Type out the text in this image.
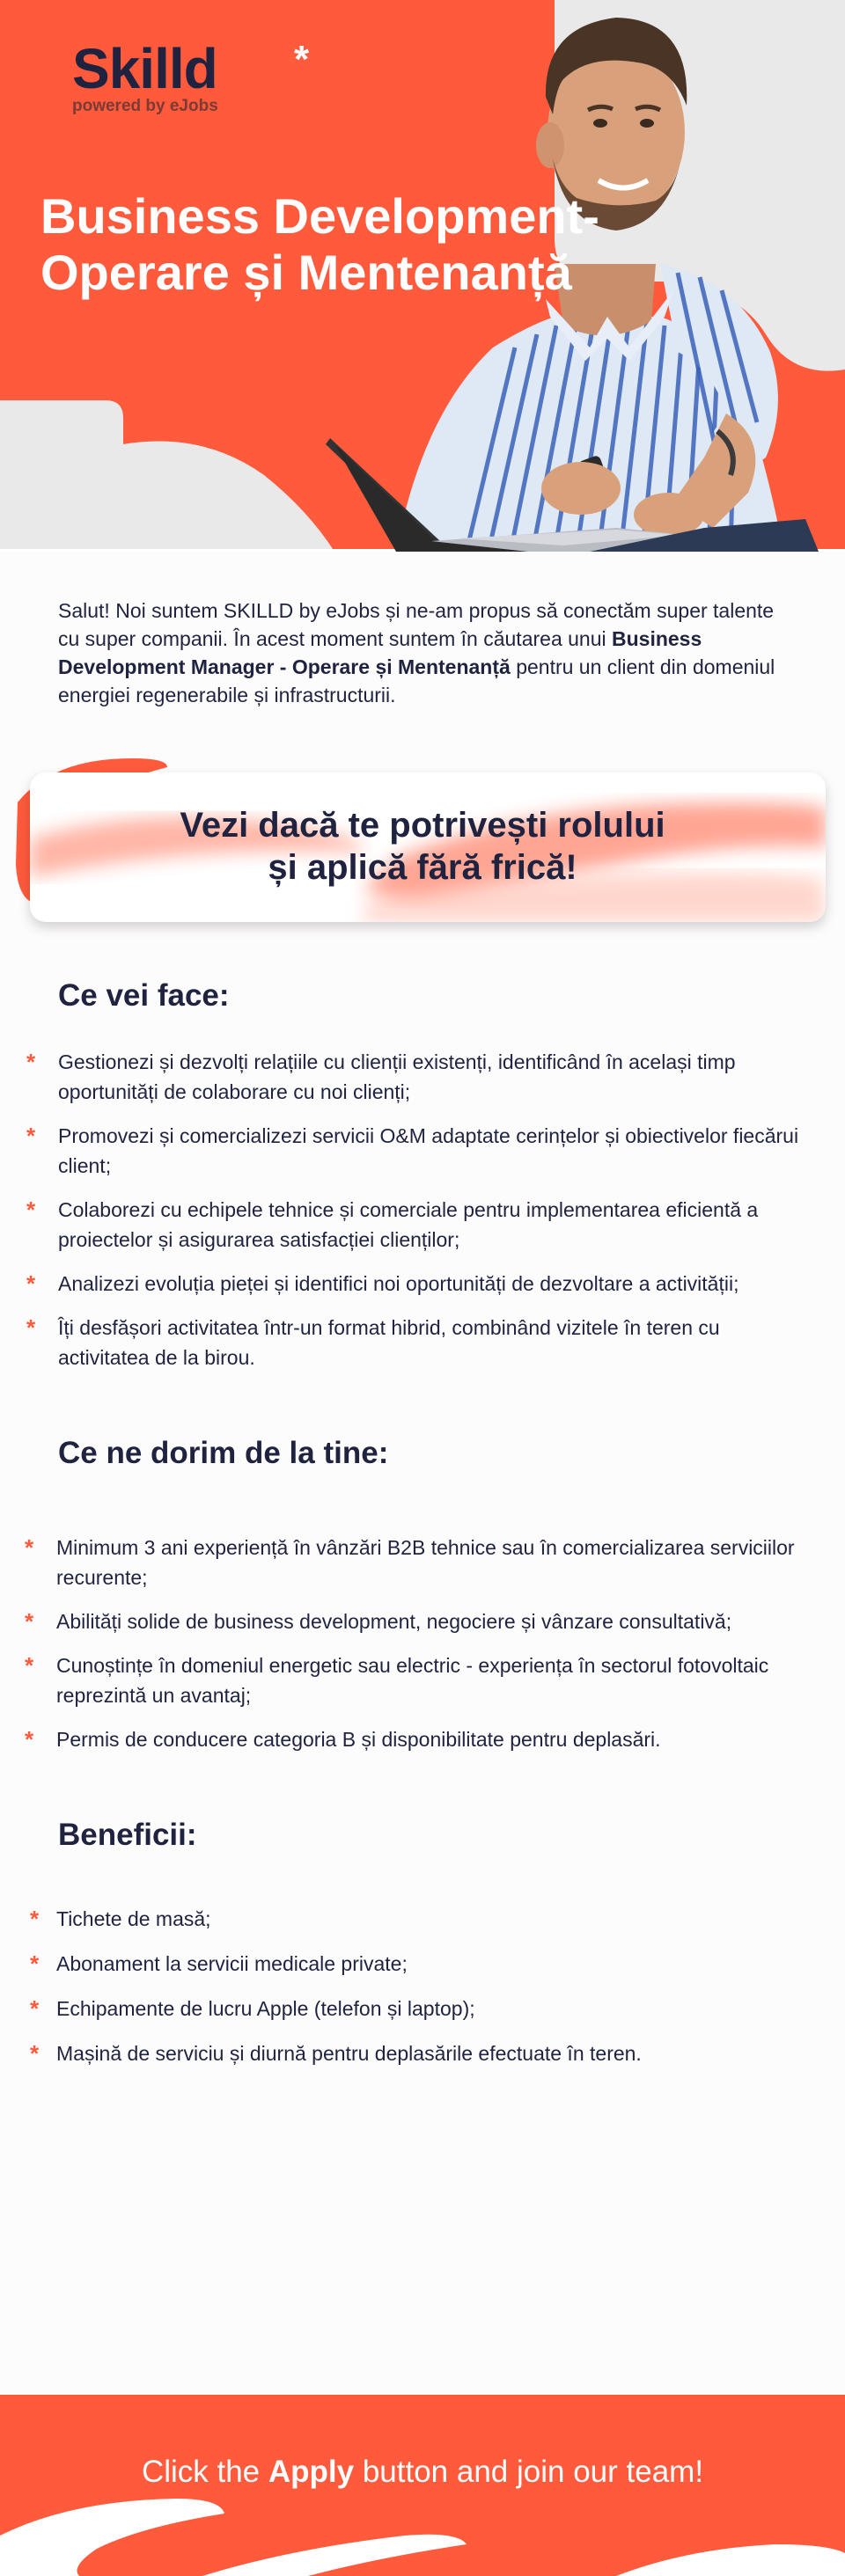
Skilld *
powered by eJobs
Business Development- Operare și Mentenanță
Salut! Noi suntem SKILLD by eJobs și ne-am propus să conectăm super talente cu super companii. În acest moment suntem în căutarea unui Business Development Manager - Operare și Mentenanță pentru un client din domeniul energiei regenerabile și infrastructurii.
Vezi dacă te potrivești rolului
și aplică fără frică!
Ce vei face:
* Gestionezi și dezvolți relațiile cu clienții existenți, identificând în același timp oportunități de colaborare cu noi clienți;
* Promovezi și comercializezi servicii O&M adaptate cerințelor și obiectivelor fiecărui client;
* Colaborezi cu echipele tehnice și comerciale pentru implementarea eficientă a proiectelor și asigurarea satisfacției clienților;
* Analizezi evoluția pieței și identifici noi oportunități de dezvoltare a activității;
* Îți desfășori activitatea într-un format hibrid, combinând vizitele în teren cu activitatea de la birou.
Ce ne dorim de la tine:
* Minimum 3 ani experiență în vânzări B2B tehnice sau în comercializarea serviciilor recurente;
* Abilități solide de business development, negociere și vânzare consultativă;
* Cunoștințe în domeniul energetic sau electric - experiența în sectorul fotovoltaic reprezintă un avantaj;
* Permis de conducere categoria B și disponibilitate pentru deplasări.
Beneficii:
* Tichete de masă;
* Abonament la servicii medicale private;
* Echipamente de lucru Apple (telefon și laptop);
* Mașină de serviciu și diurnă pentru deplasările efectuate în teren.
Click the Apply button and join our team!
